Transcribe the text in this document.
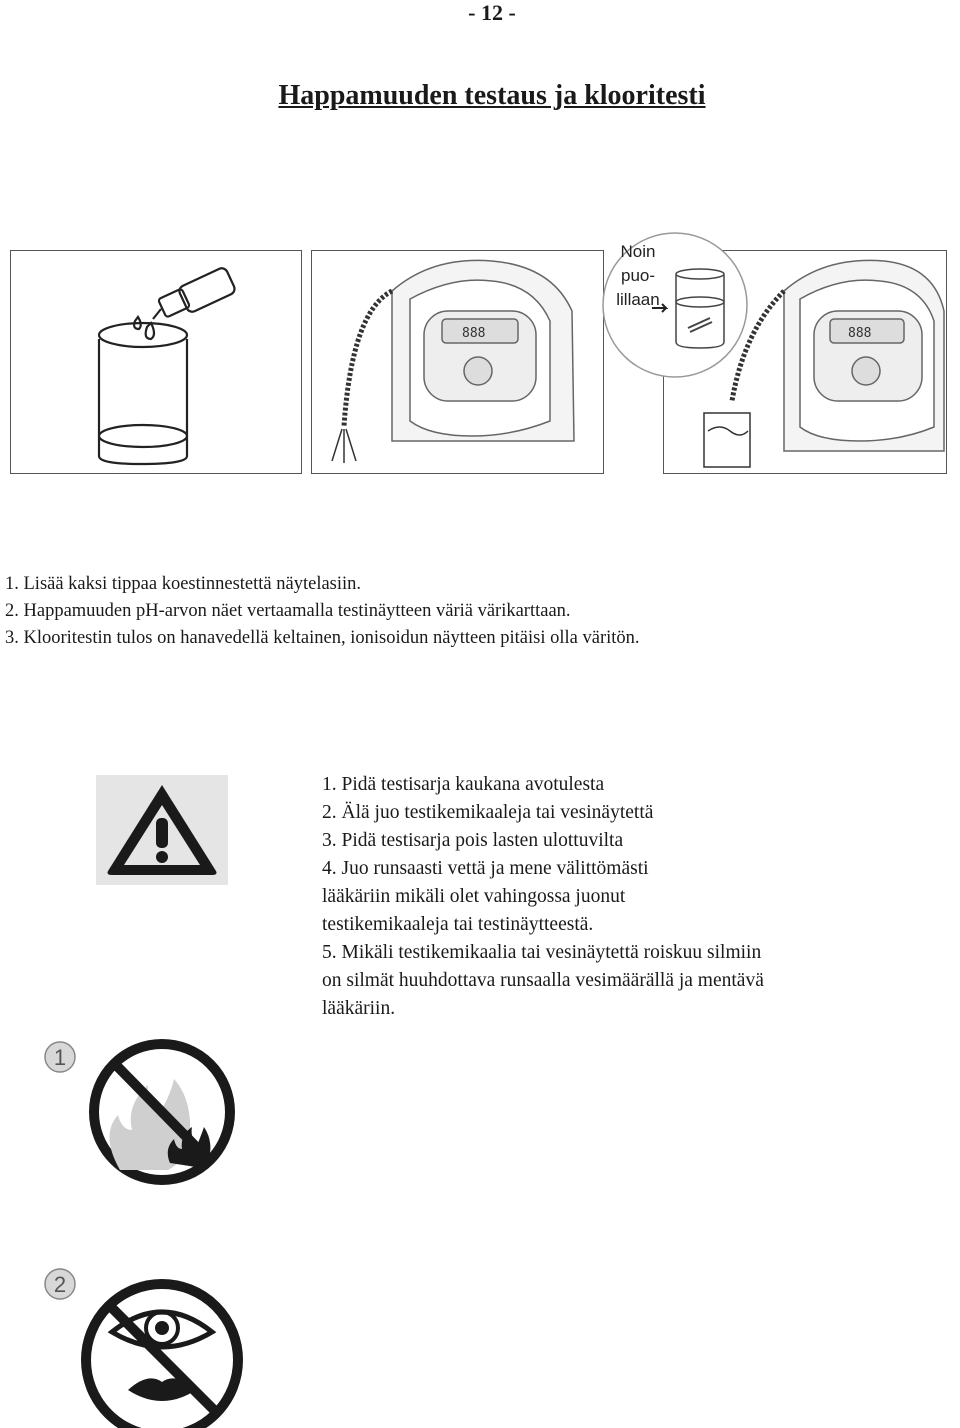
- 12 -
Happamuuden testaus ja klooritesti
888	888
Noin
puo-
lillaan
1. Lisää kaksi tippaa koestinnestettä näytelasiin.
2. Happamuuden pH-arvon näet vertaamalla testinäytteen väriä värikarttaan.
3. Klooritestin tulos on hanavedellä keltainen, ionisoidun näytteen pitäisi olla väritön.
1. Pidä testisarja kaukana avotulesta
2. Älä juo testikemikaaleja tai vesinäytettä
3. Pidä testisarja pois lasten ulottuvilta
4. Juo runsaasti vettä ja mene välittömästi
lääkäriin mikäli olet vahingossa juonut
testikemikaaleja tai testinäytteestä.
5. Mikäli testikemikaalia tai vesinäytettä roiskuu silmiin
on silmät huuhdottava runsaalla vesimäärällä ja mentävä
lääkäriin.
1
2
